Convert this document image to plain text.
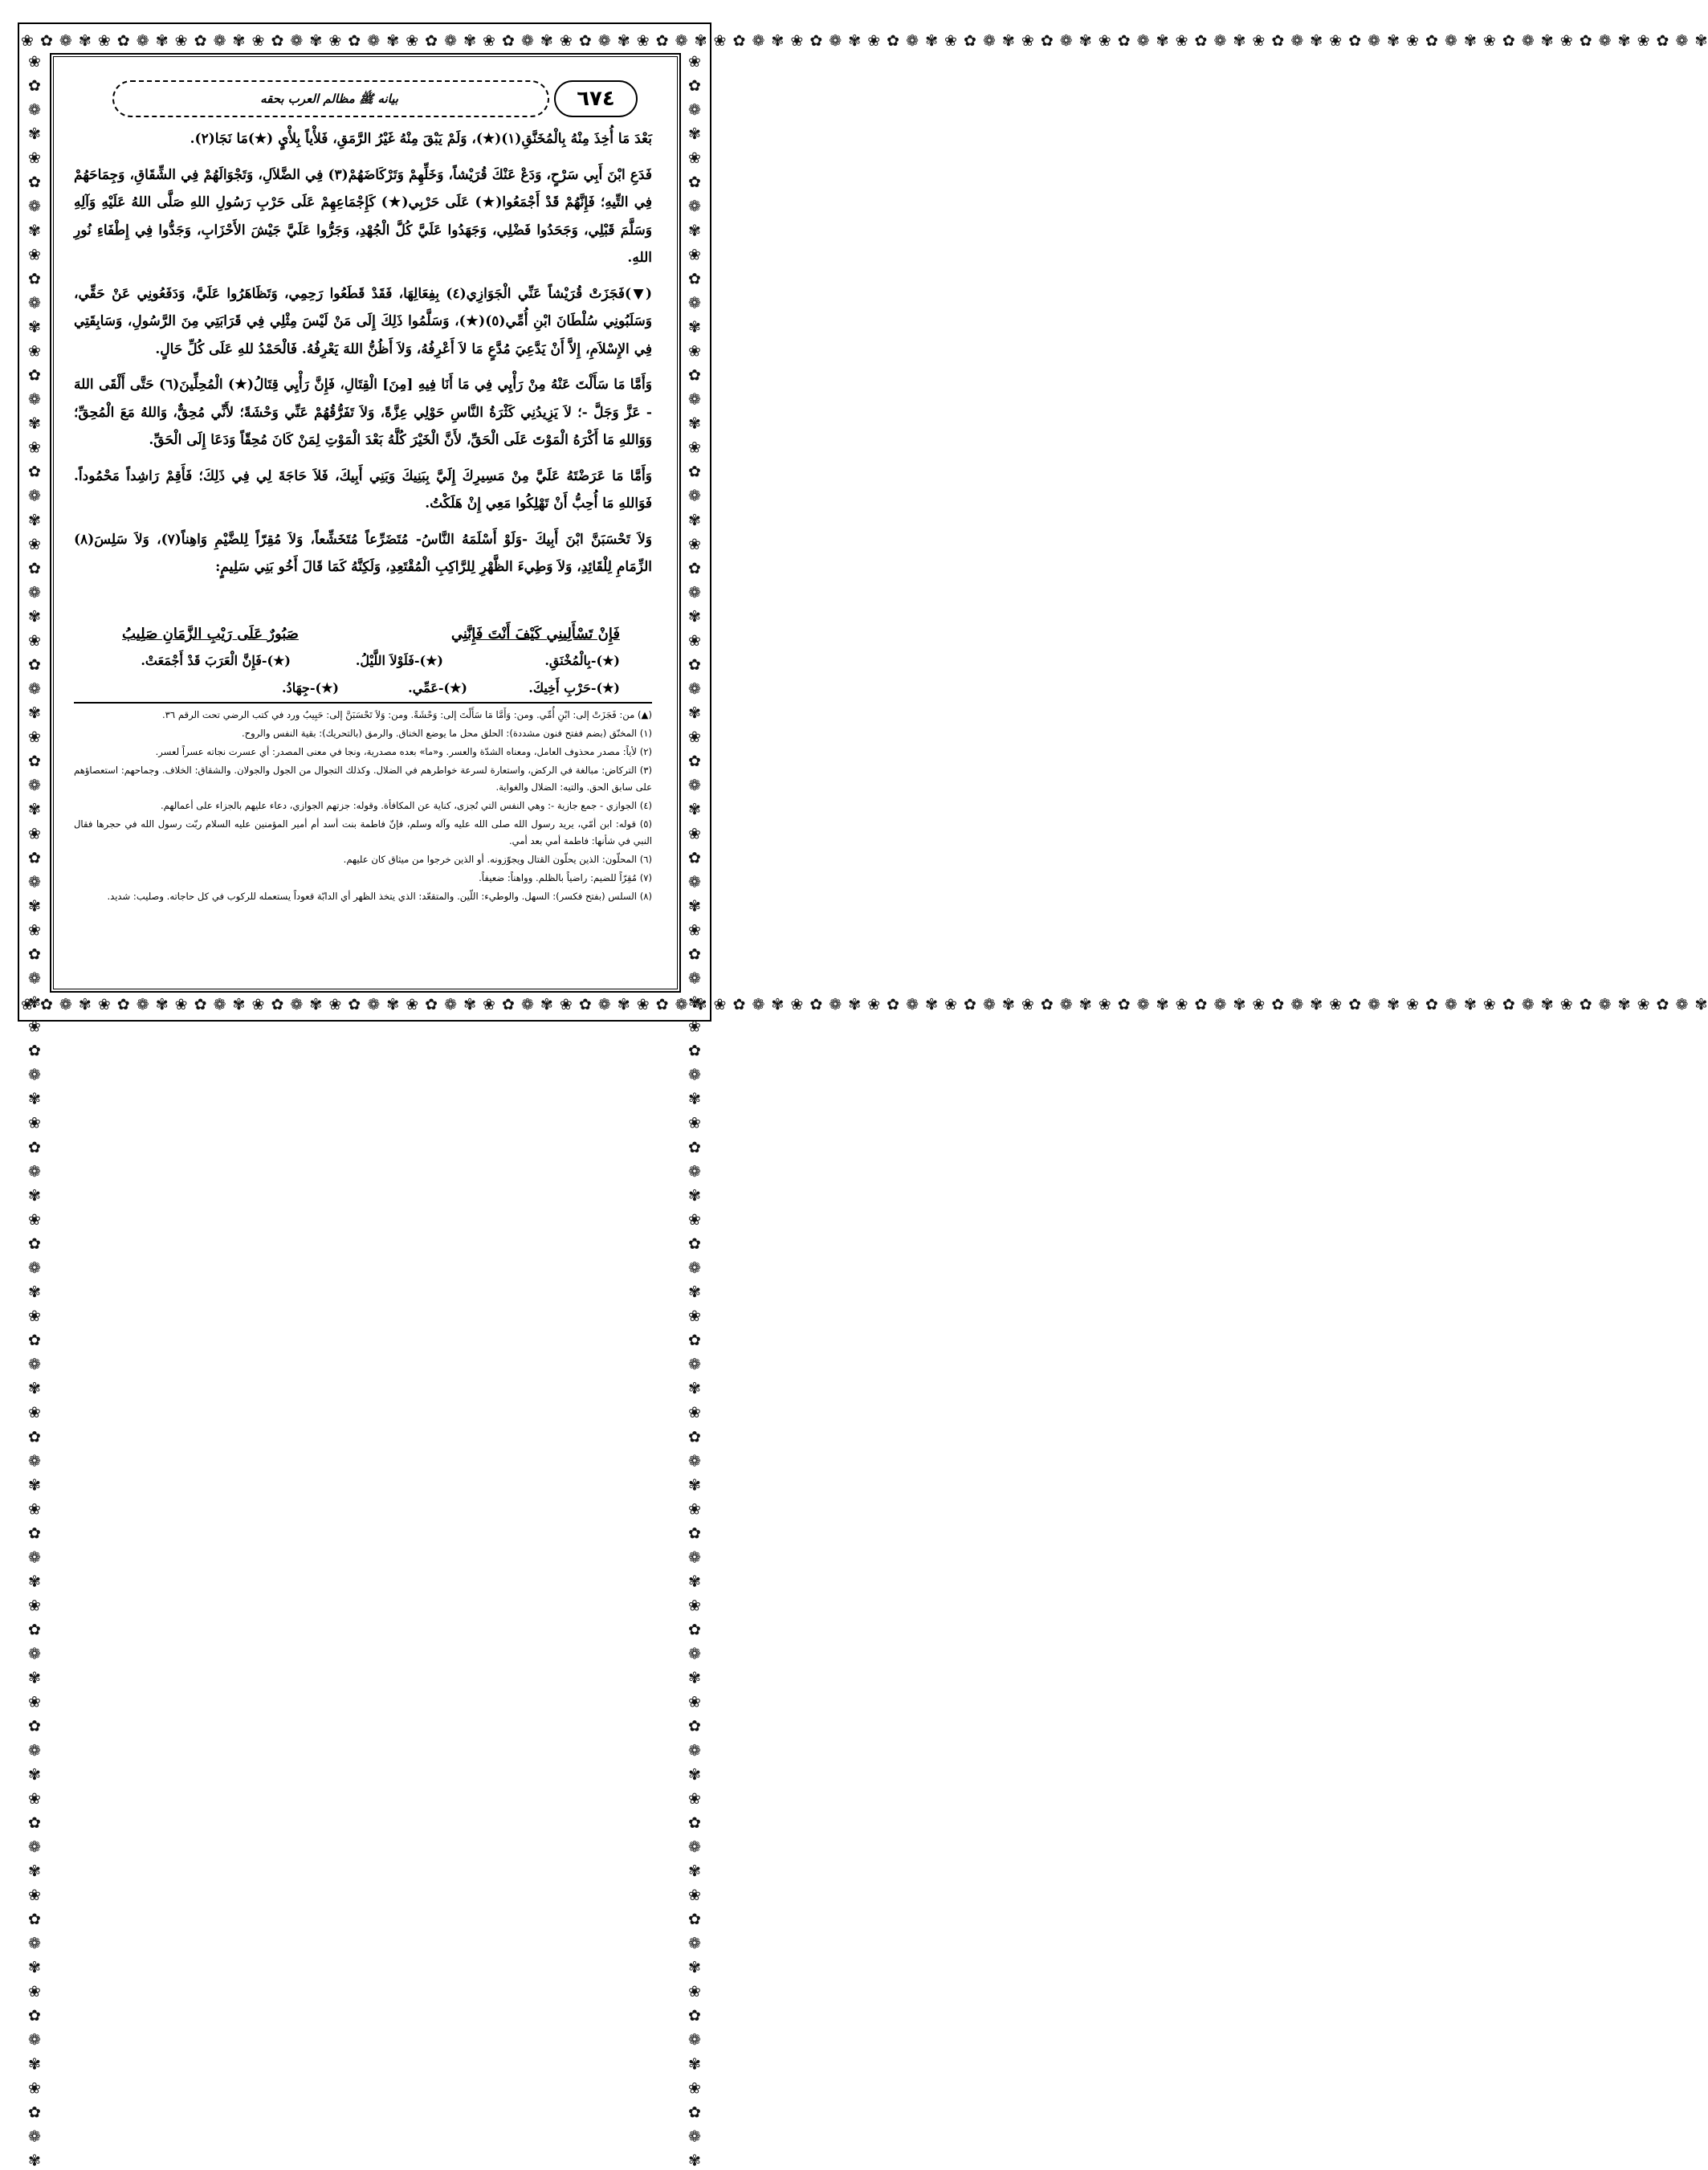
❀ ✿ ❁ ✾ ❀ ✿ ❁ ✾ ❀ ✿ ❁ ✾ ❀ ✿ ❁ ✾ ❀ ✿ ❁ ✾ ❀ ✿ ❁ ✾ ❀ ✿ ❁ ✾ ❀ ✿ ❁ ✾ ❀ ✿ ❁ ✾ ❀ ✿ ❁ ✾ ❀ ✿ ❁ ✾ ❀ ✿ ❁ ✾ ❀ ✿ ❁ ✾ ❀ ✿ ❁ ✾ ❀ ✿ ❁ ✾ ❀ ✿ ❁ ✾ ❀ ✿ ❁ ✾ ❀ ✿ ❁ ✾ ❀ ✿ ❁ ✾ ❀ ✿ ❁ ✾ ❀ ✿ ❁ ✾ ❀ ✿ ❁ ✾
❀ ✿ ❁ ✾ ❀ ✿ ❁ ✾ ❀ ✿ ❁ ✾ ❀ ✿ ❁ ✾ ❀ ✿ ❁ ✾ ❀ ✿ ❁ ✾ ❀ ✿ ❁ ✾ ❀ ✿ ❁ ✾ ❀ ✿ ❁ ✾ ❀ ✿ ❁ ✾ ❀ ✿ ❁ ✾ ❀ ✿ ❁ ✾ ❀ ✿ ❁ ✾ ❀ ✿ ❁ ✾ ❀ ✿ ❁ ✾ ❀ ✿ ❁ ✾ ❀ ✿ ❁ ✾ ❀ ✿ ❁ ✾ ❀ ✿ ❁ ✾ ❀ ✿ ❁ ✾ ❀ ✿ ❁ ✾ ❀ ✿ ❁ ✾
❀ ✿ ❁ ✾ ❀ ✿ ❁ ✾ ❀ ✿ ❁ ✾ ❀ ✿ ❁ ✾ ❀ ✿ ❁ ✾ ❀ ✿ ❁ ✾ ❀ ✿ ❁ ✾ ❀ ✿ ❁ ✾ ❀ ✿ ❁ ✾ ❀ ✿ ❁ ✾ ❀ ✿ ❁ ✾ ❀ ✿ ❁ ✾ ❀ ✿ ❁ ✾ ❀ ✿ ❁ ✾ ❀ ✿ ❁ ✾ ❀ ✿ ❁ ✾ ❀ ✿ ❁ ✾ ❀ ✿ ❁ ✾ ❀ ✿ ❁ ✾ ❀ ✿ ❁ ✾ ❀ ✿ ❁ ✾ ❀ ✿ ❁ ✾	❀ ✿ ❁ ✾ ❀ ✿ ❁ ✾ ❀ ✿ ❁ ✾ ❀ ✿ ❁ ✾ ❀ ✿ ❁ ✾ ❀ ✿ ❁ ✾ ❀ ✿ ❁ ✾ ❀ ✿ ❁ ✾ ❀ ✿ ❁ ✾ ❀ ✿ ❁ ✾ ❀ ✿ ❁ ✾ ❀ ✿ ❁ ✾ ❀ ✿ ❁ ✾ ❀ ✿ ❁ ✾ ❀ ✿ ❁ ✾ ❀ ✿ ❁ ✾ ❀ ✿ ❁ ✾ ❀ ✿ ❁ ✾ ❀ ✿ ❁ ✾ ❀ ✿ ❁ ✾ ❀ ✿ ❁ ✾ ❀ ✿ ❁ ✾
بيانه ﷺ مظالم العرب بحقه	٦٧٤

بَعْدَ مَا أُخِذَ مِنْهُ بِالْمُخَنَّقِ(١)(★)، وَلَمْ يَبْقَ مِنْهُ غَيْرُ الرَّمَقِ، فَلأْياً بِلأْيٍ (★)مَا نَجَا(٢).

فَدَعِ ابْنَ أَبِي سَرْحٍ، وَدَعْ عَنْكَ قُرَيْشاً، وَخَلِّهِمْ وَتَرْكَاضَهُمْ(٣) فِي الضَّلاَلِ، وَتَجْوَالَهُمْ فِي الشِّقَاقِ، وَجِمَاحَهُمْ فِي التِّيهِ؛ فَإِنَّهُمْ قَدْ أَجْمَعُوا(★) عَلَى حَرْبِي(★) كَإِجْمَاعِهِمْ عَلَى حَرْبِ رَسُولِ اللهِ صَلَّى اللهُ عَلَيْهِ وَآلِهِ وَسَلَّمَ قَبْلِي، وَجَحَدُوا فَضْلِي، وَجَهَدُوا عَلَيَّ كُلَّ الْجُهْدِ، وَجَرُّوا عَلَيَّ جَيْشَ الأَحْزَابِ، وَجَدُّوا فِي إِطْفَاءِ نُورِ اللهِ.

(▼)فَجَزَتْ قُرَيْشاً عَنِّي الْجَوَازِي(٤) بِفِعَالِهَا، فَقَدْ قَطَعُوا رَحِمِي، وَتَظَاهَرُوا عَلَيَّ، وَدَفَعُونِي عَنْ حَقِّي، وَسَلَبُونِي سُلْطَانَ ابْنِ أُمِّي(٥)(★)، وَسَلَّمُوا ذَلِكَ إِلَى مَنْ لَيْسَ مِثْلِي فِي قَرَابَتِي مِنَ الرَّسُولِ، وَسَابِقَتِي فِي الإِسْلاَمِ، إِلاَّ أَنْ يَدَّعِيَ مُدَّعٍ مَا لاَ أَعْرِفُهُ، وَلاَ أَظُنُّ اللهَ يَعْرِفُهُ. فَالْحَمْدُ للهِ عَلَى كُلِّ حَالٍ.

وَأَمَّا مَا سَأَلْتَ عَنْهُ مِنْ رَأْيِي فِي مَا أَنَا فِيهِ [مِنَ] الْقِتَالِ، فَإِنَّ رَأْيِي قِتَالُ(★) الْمُحِلِّينَ(٦) حَتَّى أَلْقَى اللهَ - عَزَّ وَجَلَّ -؛ لاَ يَزِيدُنِي كَثْرَةُ النَّاسِ حَوْلِي عِزَّةً، وَلاَ تَفَرُّقُهُمْ عَنِّي وَحْشَةً؛ لأَنِّي مُحِقٌّ، وَاللهُ مَعَ الْمُحِقِّ؛ وَوَاللهِ مَا أَكْرَهُ الْمَوْتَ عَلَى الْحَقِّ، لأَنَّ الْخَيْرَ كُلَّهُ بَعْدَ الْمَوْتِ لِمَنْ كَانَ مُحِقّاً وَدَعَا إِلَى الْحَقِّ.

وَأَمَّا مَا عَرَضْتَهُ عَلَيَّ مِنْ مَسِيرِكَ إِلَيَّ بِبَنِيكَ وَبَنِي أَبِيكَ، فَلاَ حَاجَةَ لِي فِي ذَلِكَ؛ فَأَقِمْ رَاشِداً مَحْمُوداً. فَوَاللهِ مَا أُحِبُّ أَنْ تَهْلِكُوا مَعِي إِنْ هَلَكْتُ.

وَلاَ تَحْسَبَنَّ ابْنَ أَبِيكَ -وَلَوْ أَسْلَمَهُ النَّاسُ- مُتَضَرِّعاً مُتَخَشِّعاً، وَلاَ مُقِرّاً لِلضَّيْمِ وَاهِناً(٧)، وَلاَ سَلِسَ(٨) الزِّمَامِ لِلْقَائِدِ، وَلاَ وَطِيءَ الظَّهْرِ لِلرَّاكِبِ الْمُقْتَعِدِ، وَلَكِنَّهُ كَمَا قَالَ أَخُو بَنِي سَلِيمٍ:

فَإِنْ تَسْأَلِينِي كَيْفَ أَنْتَ فَإِنَّنِي
صَبُورٌ عَلَى رَيْبِ الزَّمَانِ صَلِيبُ
(★)-بِالْمُخْنَقِ.
(★)-فَلَوْلاَ اللَّيْلُ.
(★)-فَإِنَّ الْعَرَبَ قَدْ أَجْمَعَتْ.
(★)-حَرْبِ أَخِيكَ.
(★)-عَمِّي.
(★)-جِهَادُ.

(▲) من: فَجَزَتْ إلى: ابْنِ أُمِّي. ومن: وَأَمَّا مَا سَأَلْتَ إلى: وَحْشَةً. ومن: وَلاَ تَحْسَبَنَّ إلى: حَبِيبُ ورد في كتب الرضي تحت الرقم ٣٦.

(١) المخنّق (بضم ففتح فنون مشددة): الحلق محل ما يوضع الخناق. والرمق (بالتحريك): بقية النفس والروح.

(٢) لأياً: مصدر محذوف العامل، ومعناه الشدّة والعسر. و«ما» بعده مصدرية، ونجا في معنى المصدر: أي عسرت نجاته عسراً لعسر.

(٣) التركاض: مبالغة في الركض، واستعارة لسرعة خواطرهم في الضلال. وكذلك التجوال من الجول والجولان. والشقاق: الخلاف. وجماحهم: استعصاؤهم على سابق الحق. والتيه: الضلال والغواية.

(٤) الجوازي - جمع جازية -: وهي النفس التي تُجزى، كناية عن المكافأة. وقوله: جزتهم الجوازي، دعاء عليهم بالجزاء على أعمالهم.

(٥) قوله: ابن أمّي، يريد رسول الله صلى الله عليه وآله وسلم، فإنّ فاطمة بنت أسد أم أمير المؤمنين عليه السلام ربّت رسول الله في حجرها فقال النبي في شأنها: فاطمة أمي بعد أمي.

(٦) المحلّون: الذين يحلّون القتال ويجوّزونه. أو الذين خرجوا من ميثاق كان عليهم.

(٧) مُقِرّاً للضيم: راضياً بالظلم. وواهناً: ضعيفاً.

(٨) السلس (بفتح فكسر): السهل. والوطيء: اللّين. والمتقعّد: الذي يتخذ الظهر أي الدابّة قعوداً يستعمله للركوب في كل حاجاته. وصليب: شديد.
